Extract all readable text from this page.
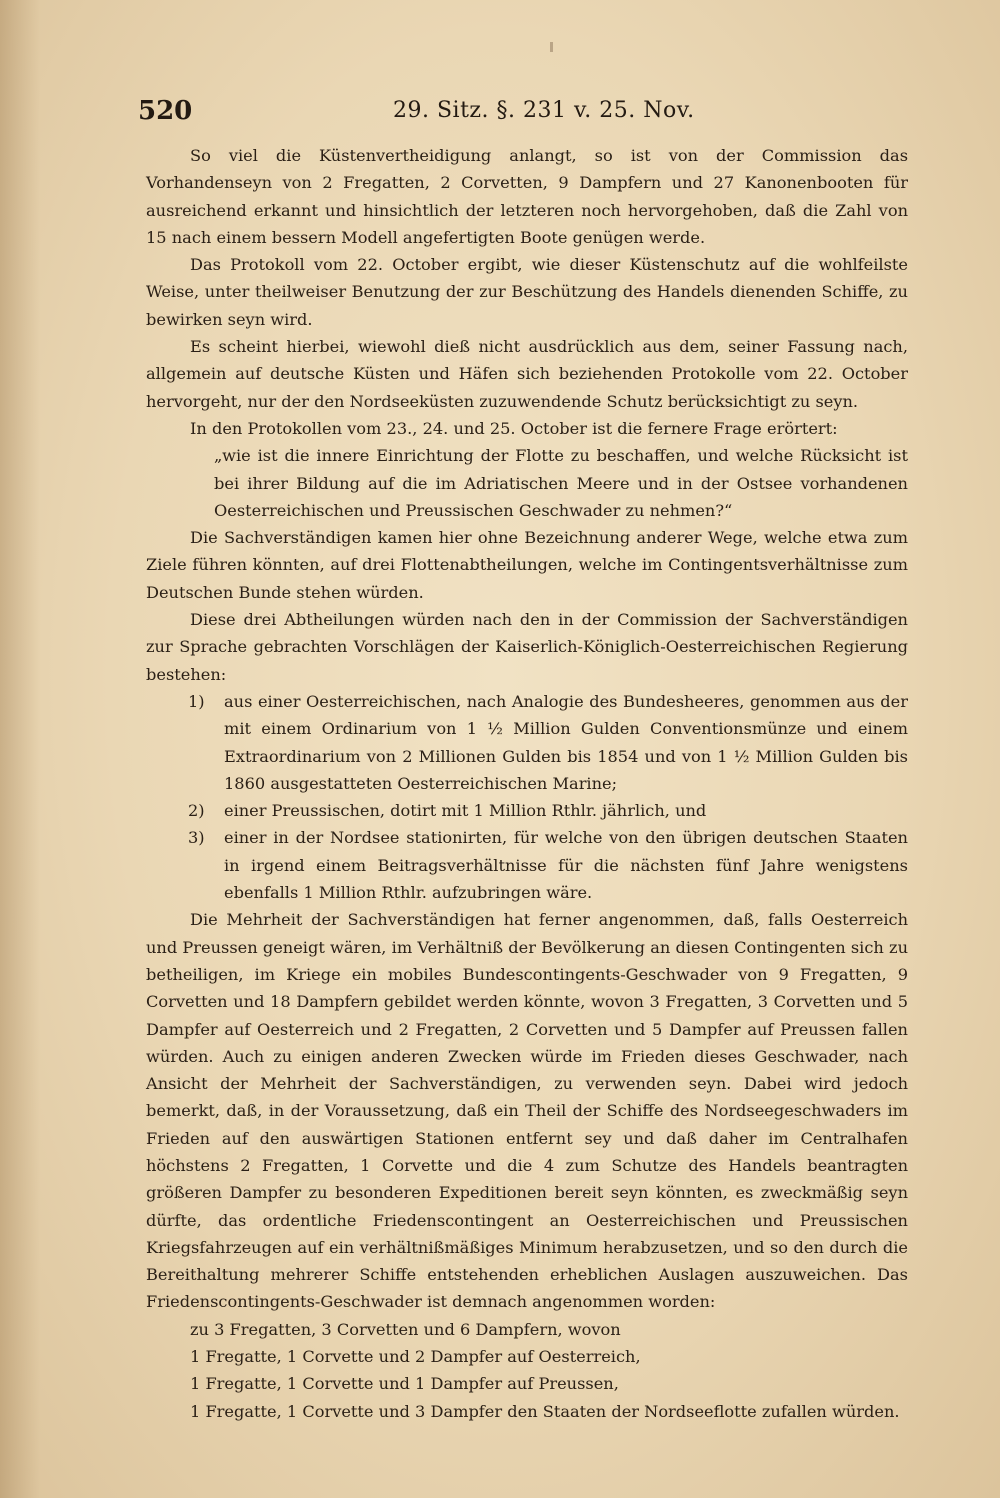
520	29. Sitz. §. 231 v. 25. Nov.

So viel die Küstenvertheidigung anlangt, so ist von der Commission das Vorhandenseyn von 2 Fregatten, 2 Corvetten, 9 Dampfern und 27 Kanonenbooten für ausreichend erkannt und hinsichtlich der letzteren noch hervorgehoben, daß die Zahl von 15 nach einem bessern Modell angefertigten Boote genügen werde.

Das Protokoll vom 22. October ergibt, wie dieser Küstenschutz auf die wohlfeilste Weise, unter theilweiser Benutzung der zur Beschützung des Handels dienenden Schiffe, zu bewirken seyn wird.

Es scheint hierbei, wiewohl dieß nicht ausdrücklich aus dem, seiner Fassung nach, allgemein auf deutsche Küsten und Häfen sich beziehenden Protokolle vom 22. October hervorgeht, nur der den Nordseeküsten zuzuwendende Schutz berücksichtigt zu seyn.

In den Protokollen vom 23., 24. und 25. October ist die fernere Frage erörtert:

„wie ist die innere Einrichtung der Flotte zu beschaffen, und welche Rücksicht ist bei ihrer Bildung auf die im Adriatischen Meere und in der Ostsee vorhandenen Oesterreichischen und Preussischen Geschwader zu nehmen?“

Die Sachverständigen kamen hier ohne Bezeichnung anderer Wege, welche etwa zum Ziele führen könnten, auf drei Flottenabtheilungen, welche im Contingentsverhältnisse zum Deutschen Bunde stehen würden.

Diese drei Abtheilungen würden nach den in der Commission der Sachverständigen zur Sprache gebrachten Vorschlägen der Kaiserlich-Königlich-Oesterreichischen Regierung bestehen:

1) aus einer Oesterreichischen, nach Analogie des Bundesheeres, genommen aus der mit einem Ordinarium von 1 ½ Million Gulden Conventionsmünze und einem Extraordinarium von 2 Millionen Gulden bis 1854 und von 1 ½ Million Gulden bis 1860 ausgestatteten Oesterreichischen Marine;
2) einer Preussischen, dotirt mit 1 Million Rthlr. jährlich, und
3) einer in der Nordsee stationirten, für welche von den übrigen deutschen Staaten in irgend einem Beitragsverhältnisse für die nächsten fünf Jahre wenigstens ebenfalls 1 Million Rthlr. aufzubringen wäre.

Die Mehrheit der Sachverständigen hat ferner angenommen, daß, falls Oesterreich und Preussen geneigt wären, im Verhältniß der Bevölkerung an diesen Contingenten sich zu betheiligen, im Kriege ein mobiles Bundescontingents-Geschwader von 9 Fregatten, 9 Corvetten und 18 Dampfern gebildet werden könnte, wovon 3 Fregatten, 3 Corvetten und 5 Dampfer auf Oesterreich und 2 Fregatten, 2 Corvetten und 5 Dampfer auf Preussen fallen würden. Auch zu einigen anderen Zwecken würde im Frieden dieses Geschwader, nach Ansicht der Mehrheit der Sachverständigen, zu verwenden seyn. Dabei wird jedoch bemerkt, daß, in der Voraussetzung, daß ein Theil der Schiffe des Nordseegeschwaders im Frieden auf den auswärtigen Stationen entfernt sey und daß daher im Centralhafen höchstens 2 Fregatten, 1 Corvette und die 4 zum Schutze des Handels beantragten größeren Dampfer zu besonderen Expeditionen bereit seyn könnten, es zweckmäßig seyn dürfte, das ordentliche Friedenscontingent an Oesterreichischen und Preussischen Kriegsfahrzeugen auf ein verhältnißmäßiges Minimum herabzusetzen, und so den durch die Bereithaltung mehrerer Schiffe entstehenden erheblichen Auslagen auszuweichen. Das Friedenscontingents-Geschwader ist demnach angenommen worden:

zu 3 Fregatten, 3 Corvetten und 6 Dampfern, wovon
1 Fregatte, 1 Corvette und 2 Dampfer auf Oesterreich,
1 Fregatte, 1 Corvette und 1 Dampfer auf Preussen,
1 Fregatte, 1 Corvette und 3 Dampfer den Staaten der Nordseeflotte zufallen würden.
